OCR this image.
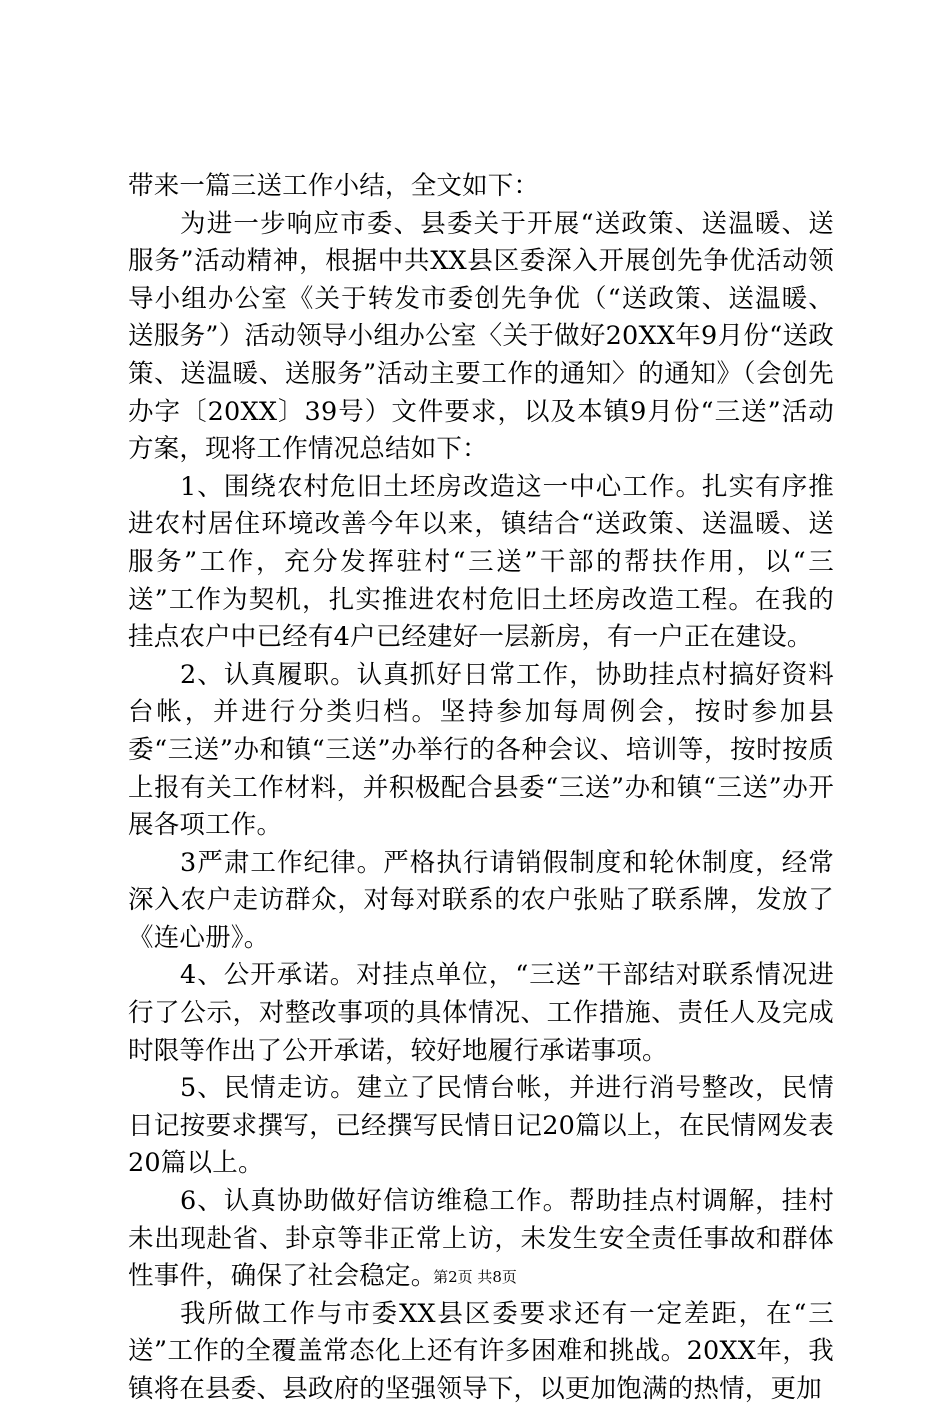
带来一篇三送工作小结，全文如下：

为进一步响应市委、县委关于开展“送政策、送温暖、送服务”活动精神，根据中共XX县区委深入开展创先争优活动领导小组办公室《关于转发市委创先争优（“送政策、送温暖、送服务”）活动领导小组办公室〈关于做好20XX年9月份“送政策、送温暖、送服务”活动主要工作的通知〉的通知》（会创先办字〔20XX〕39号）文件要求，以及本镇9月份“三送”活动方案，现将工作情况总结如下：

1、围绕农村危旧土坯房改造这一中心工作。扎实有序推进农村居住环境改善今年以来，镇结合“送政策、送温暖、送服务”工作，充分发挥驻村“三送”干部的帮扶作用，以“三送”工作为契机，扎实推进农村危旧土坯房改造工程。在我的挂点农户中已经有4户已经建好一层新房，有一户正在建设。

2、认真履职。认真抓好日常工作，协助挂点村搞好资料台帐，并进行分类归档。坚持参加每周例会，按时参加县委“三送”办和镇“三送”办举行的各种会议、培训等，按时按质上报有关工作材料，并积极配合县委“三送”办和镇“三送”办开展各项工作。

3严肃工作纪律。严格执行请销假制度和轮休制度，经常深入农户走访群众，对每对联系的农户张贴了联系牌，发放了《连心册》。

4、公开承诺。对挂点单位，“三送”干部结对联系情况进行了公示，对整改事项的具体情况、工作措施、责任人及完成时限等作出了公开承诺，较好地履行承诺事项。

5、民情走访。建立了民情台帐，并进行消号整改，民情日记按要求撰写，已经撰写民情日记20篇以上，在民情网发表20篇以上。

6、认真协助做好信访维稳工作。帮助挂点村调解，挂村未出现赴省、卦京等非正常上访，未发生安全责任事故和群体性事件，确保了社会稳定。

我所做工作与市委XX县区委要求还有一定差距，在“三送”工作的全覆盖常态化上还有许多困难和挑战。20XX年，我镇将在县委、县政府的坚强领导下，以更加饱满的热情，更加

第2页 共8页
